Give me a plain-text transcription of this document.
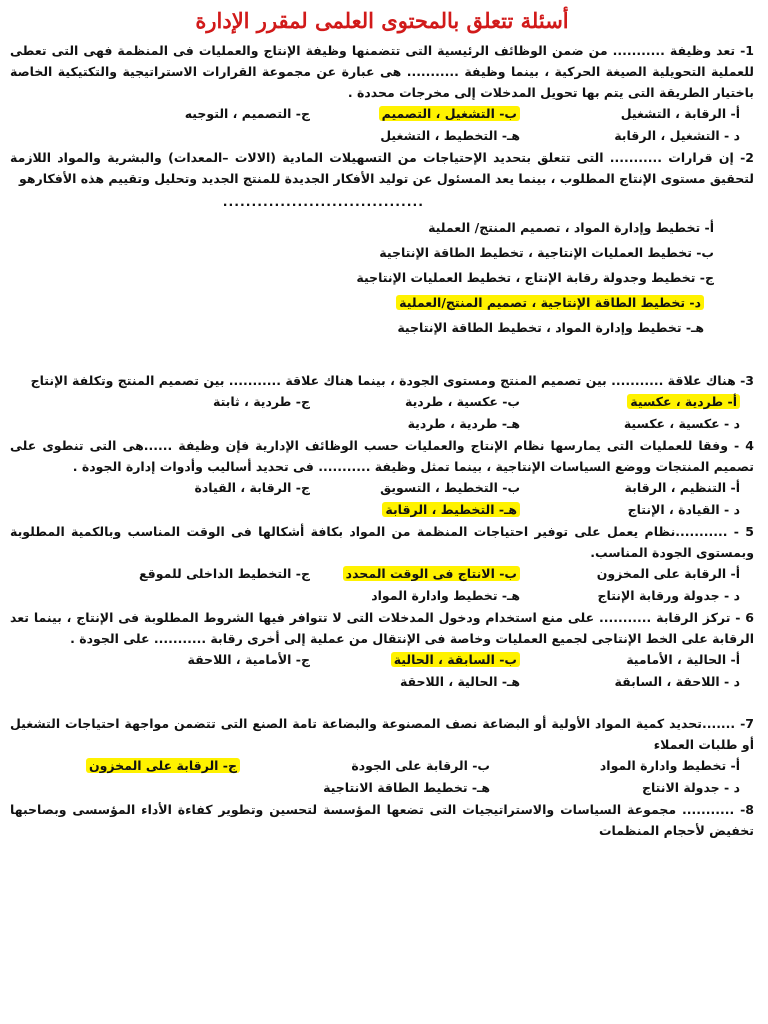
أسئلة تتعلق بالمحتوى العلمى لمقرر الإدارة

1- تعد وظيفة ........... من ضمن الوظائف الرئيسية التى تتضمنها وظيفة الإنتاج والعمليات فى المنظمة فهى التى تعطى للعملية التحويلية الصيغة الحركية ، بينما وظيفة ........... هى عبارة عن مجموعة القرارات الاستراتيجية والتكتيكية الخاصة باختيار الطريقة التى يتم بها تحويل المدخلات إلى مخرجات محددة .

أ- الرقابة ، التشغيل
ب- التشغيل ، التصميم
ج- التصميم ، التوجيه
د - التشغيل ، الرقابة
هـ- التخطيط ، التشغيل

2- إن قرارات ........... التى تتعلق بتحديد الإحتياجات من التسهيلات المادية (الالات –المعدات) والبشرية والمواد اللازمة لتحقيق مستوى الإنتاج المطلوب ، بينما يعد المسئول عن توليد الأفكار الجديدة للمنتج الجديد وتحليل وتقييم هذه الأفكارهو

...................................
أ- تخطيط وإدارة المواد ، تصميم المنتج/ العملية
ب- تخطيط العمليات الإنتاجية ، تخطيط الطاقة الإنتاجية
ج- تخطيط وجدولة رقابة الإنتاج ، تخطيط العمليات الإنتاجية
د- تخطيط الطاقة الإنتاجية ، تصميم المنتج/العملية
هـ- تخطيط وإدارة المواد ، تخطيط الطاقة الإنتاجية

3- هناك علاقة ........... بين تصميم المنتج ومستوى الجودة ، بينما هناك علاقة ........... بين تصميم المنتج وتكلفة الإنتاج

أ- طردية ، عكسية
ب- عكسية ، طردية
ج- طردية ، ثابتة
د - عكسية ، عكسية
هـ- طردية ، طردية

4 - وفقا للعمليات التى يمارسها نظام الإنتاج والعمليات حسب الوظائف الإدارية فإن وظيفة ......هى التى تنطوى على تصميم المنتجات ووضع السياسات الإنتاجية ، بينما تمثل وظيفة ........... فى تحديد أساليب وأدوات إدارة الجودة .

أ- التنظيم ، الرقابة
ب- التخطيط ، التسويق
ج- الرقابة ، القيادة
د - القيادة ، الإنتاج
هـ- التخطيط ، الرقابة

5 - ...........نظام يعمل على توفير احتياجات المنظمة من المواد بكافة أشكالها فى الوقت المناسب وبالكمية المطلوبة وبمستوى الجودة المناسب.

أ- الرقابة على المخزون
ب- الانتاج فى الوقت المحدد
ج- التخطيط الداخلى للموقع
د - جدولة ورقابة الإنتاج
هـ- تخطيط وادارة المواد

6 - تركز الرقابة ........... على منع استخدام ودخول المدخلات التى لا تتوافر فيها الشروط المطلوبة فى الإنتاج ، بينما تعد الرقابة على الخط الإنتاجى لجميع العمليات وخاصة فى الإنتقال من عملية إلى أخرى رقابة ........... على الجودة .

أ- الحالية ، الأمامية
ب- السابقة ، الحالية
ج- الأمامية ، اللاحقة
د - اللاحقة ، السابقة
هـ- الحالية ، اللاحقة

7- .......تحديد كمية المواد الأولية أو البضاعة نصف المصنوعة والبضاعة تامة الصنع التى تتضمن مواجهة احتياجات التشغيل أو طلبات العملاء

أ- تخطيط وادارة المواد
ب- الرقابة على الجودة
ج- الرقابة على المخزون
د - جدولة الانتاج
هـ- تخطيط الطاقة الانتاجية

8- ........... مجموعة السياسات والاستراتيجيات التى تضعها المؤسسة لتحسين وتطوير كفاءة الأداء المؤسسى وبصاحبها تخفيض لأحجام المنظمات
